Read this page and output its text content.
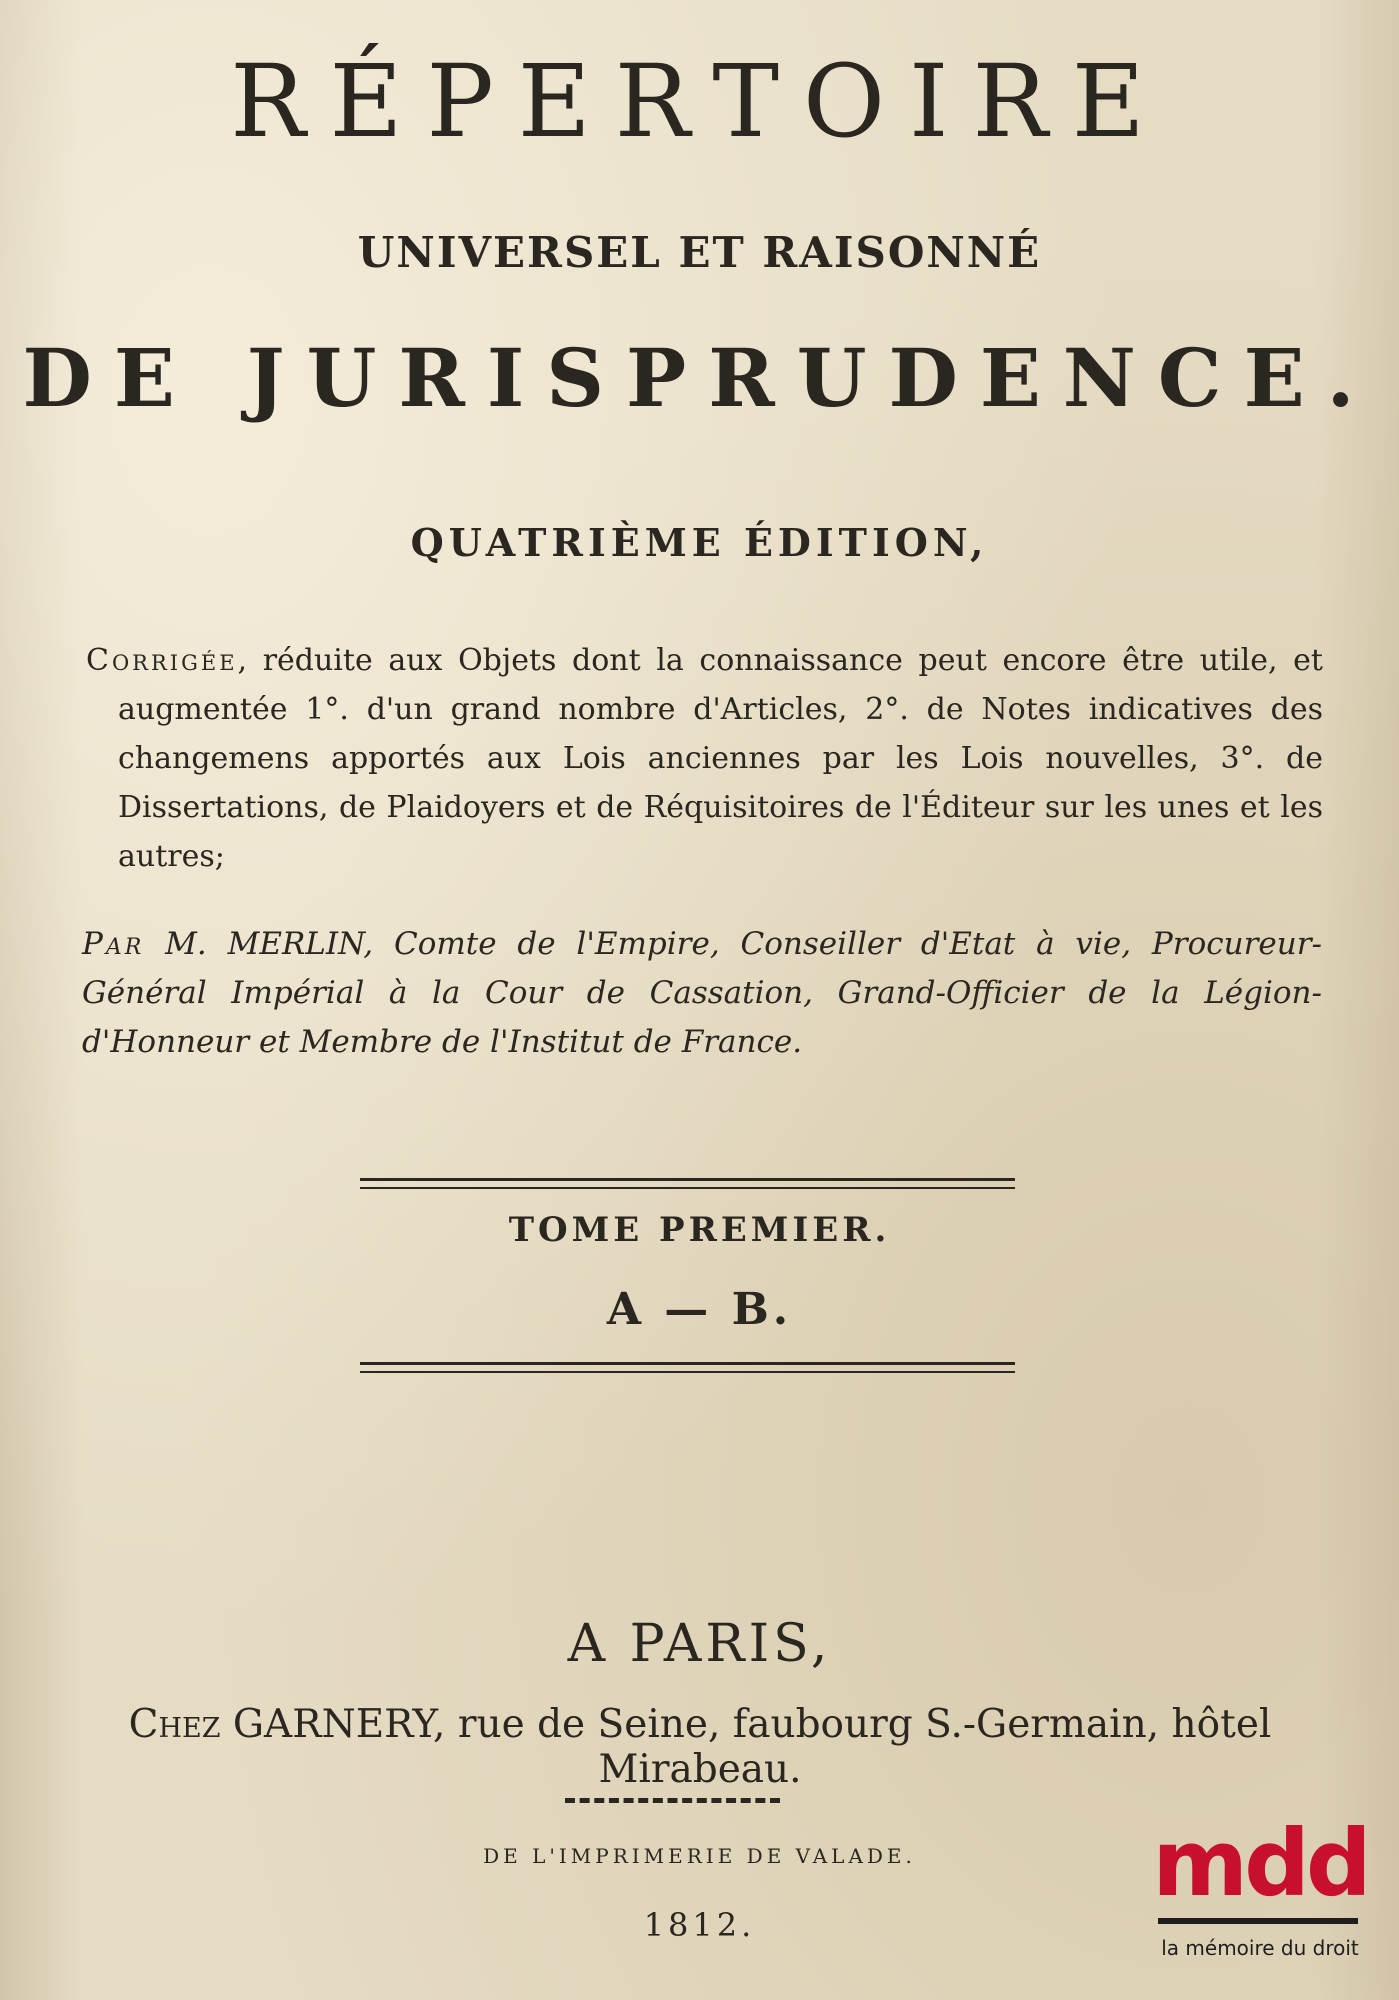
RÉPERTOIRE
UNIVERSEL ET RAISONNÉ
DE JURISPRUDENCE.
QUATRIÈME ÉDITION,
Corrigée, réduite aux Objets dont la connaissance peut encore être utile, et augmentée 1°. d'un grand nombre d'Articles, 2°. de Notes indicatives des changemens apportés aux Lois anciennes par les Lois nouvelles, 3°. de Dissertations, de Plaidoyers et de Réquisitoires de l'Éditeur sur les unes et les autres;
Par M. MERLIN, Comte de l'Empire, Conseiller d'Etat à vie, Procureur-Général Impérial à la Cour de Cassation, Grand-Officier de la Légion-d'Honneur et Membre de l'Institut de France.
TOME PREMIER.
A — B.
A PARIS,
Chez GARNERY, rue de Seine, faubourg S.-Germain, hôtel Mirabeau.
DE L'IMPRIMERIE DE VALADE.
1812.
mdd
la mémoire du droit
